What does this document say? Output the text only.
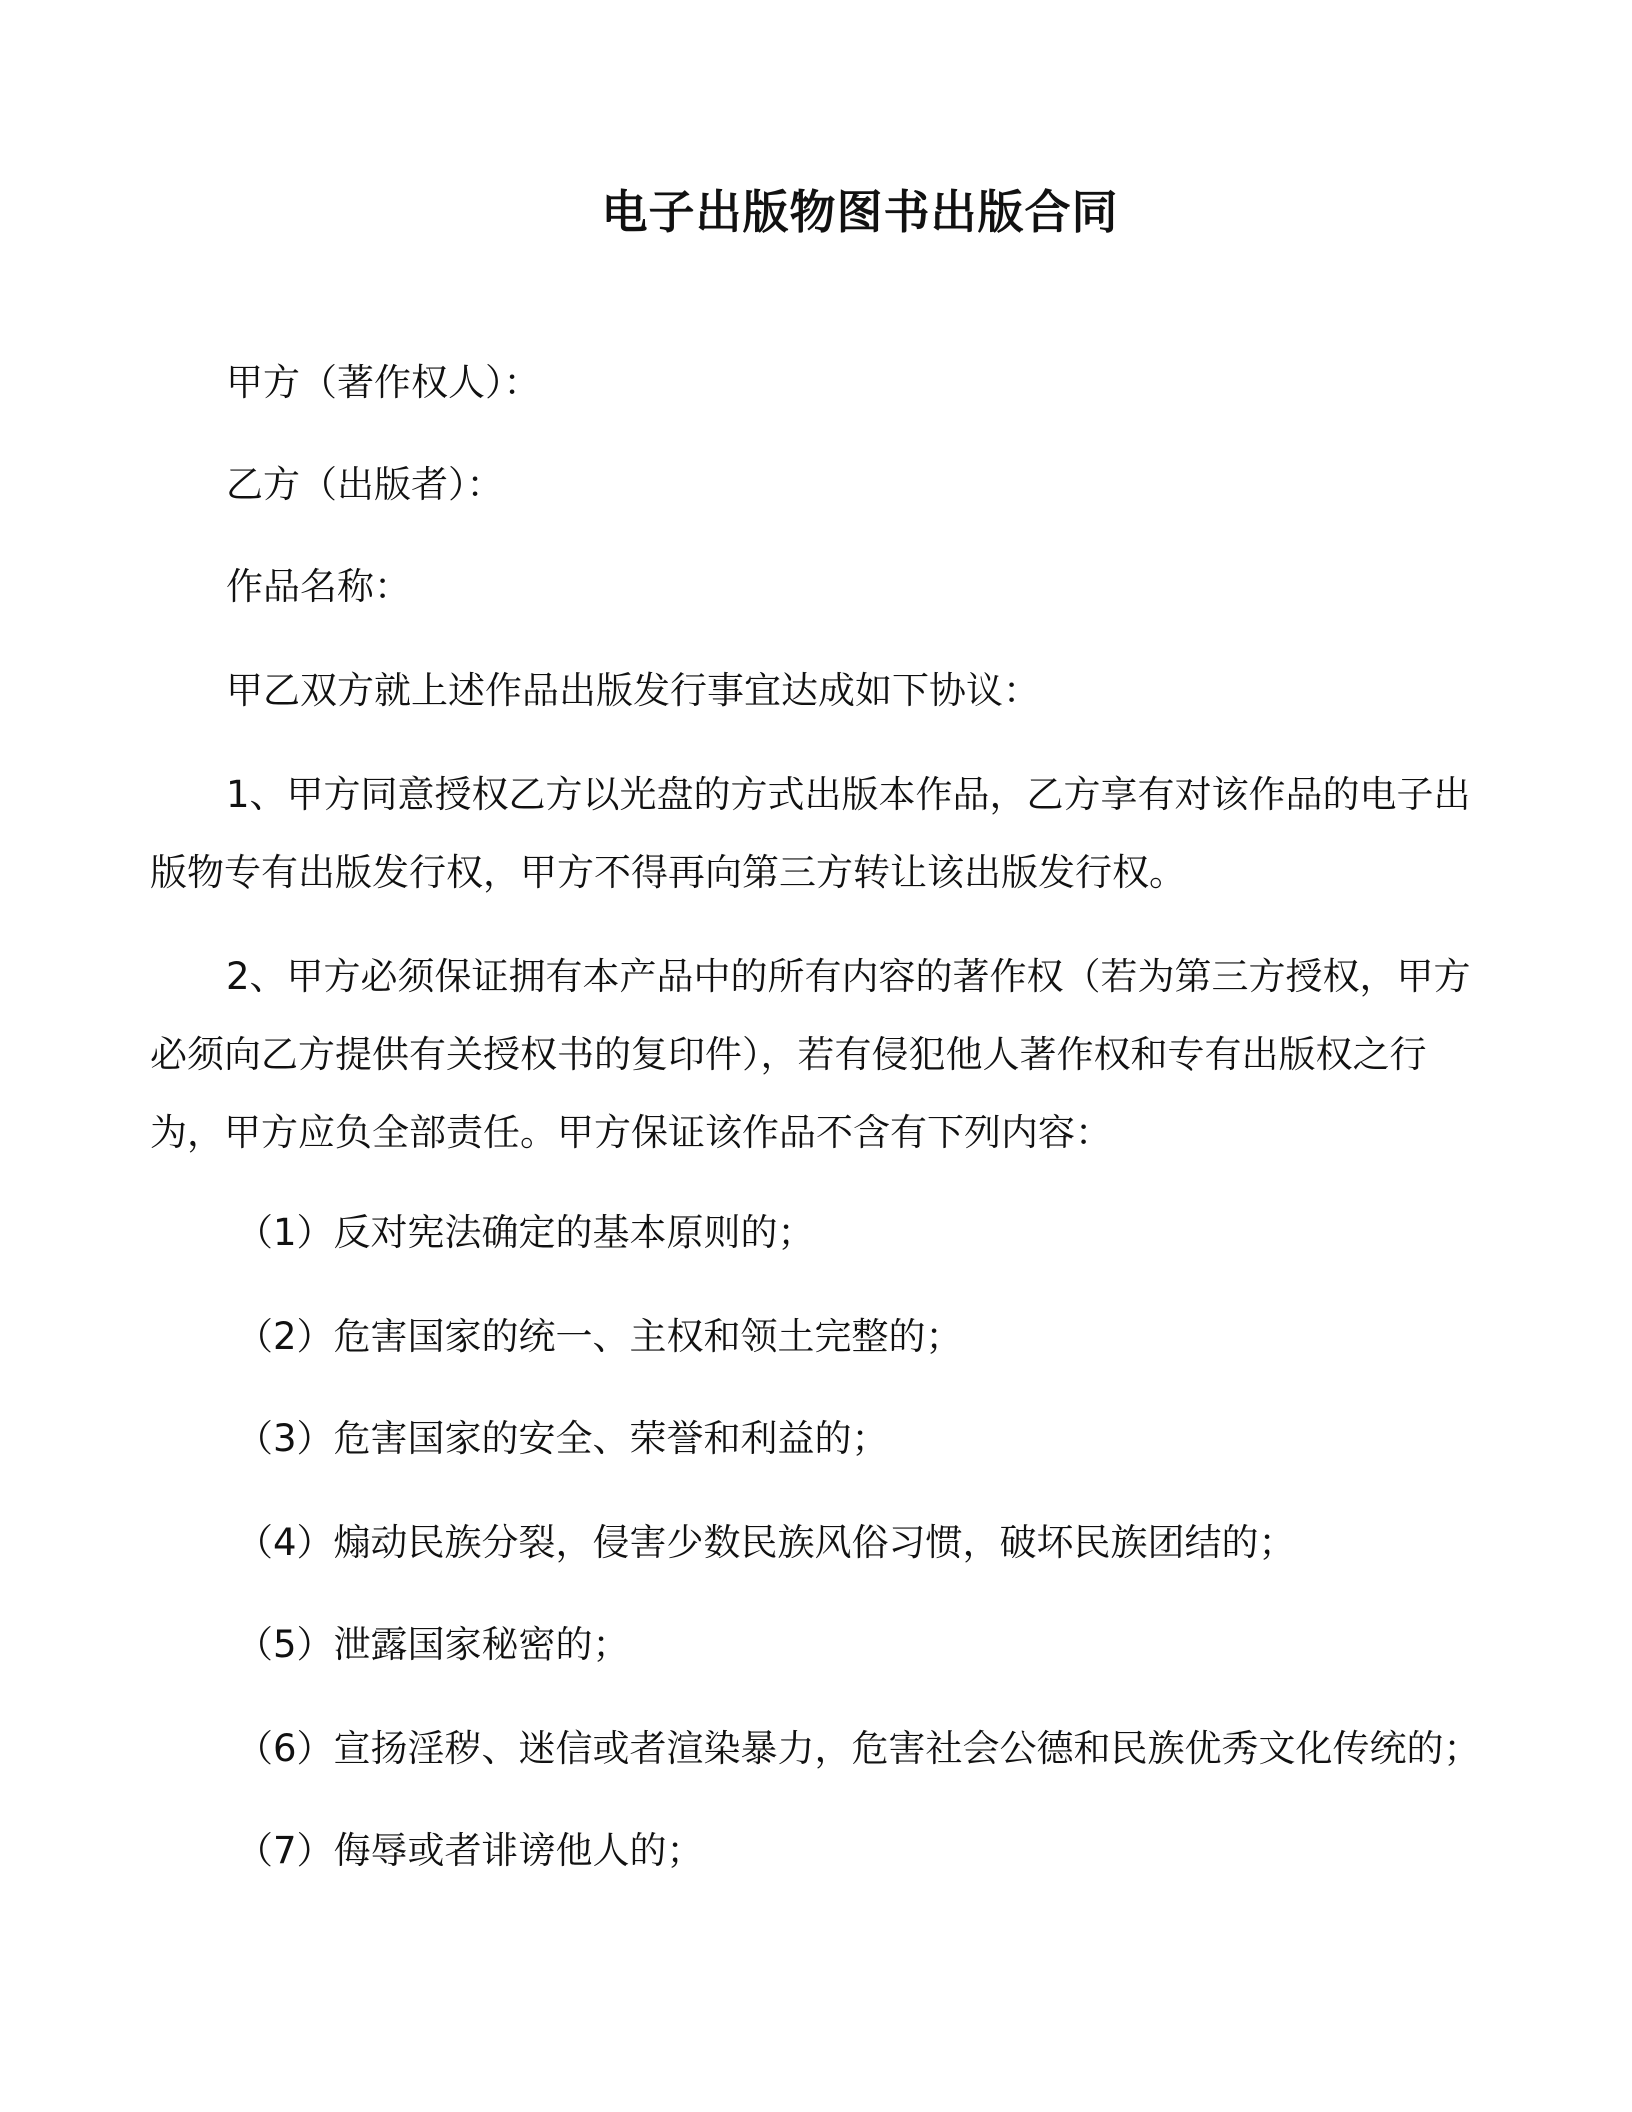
电子出版物图书出版合同
甲方（著作权人）：
乙方（出版者）：
作品名称：
甲乙双方就上述作品出版发行事宜达成如下协议：
1、甲方同意授权乙方以光盘的方式出版本作品，乙方享有对该作品的电子出
版物专有出版发行权，甲方不得再向第三方转让该出版发行权。
2、甲方必须保证拥有本产品中的所有内容的著作权（若为第三方授权，甲方
必须向乙方提供有关授权书的复印件），若有侵犯他人著作权和专有出版权之行
为，甲方应负全部责任。甲方保证该作品不含有下列内容：
（1）反对宪法确定的基本原则的；
（2）危害国家的统一、主权和领土完整的；
（3）危害国家的安全、荣誉和利益的；
（4）煽动民族分裂，侵害少数民族风俗习惯，破坏民族团结的；
（5）泄露国家秘密的；
（6）宣扬淫秽、迷信或者渲染暴力，危害社会公德和民族优秀文化传统的；
（7）侮辱或者诽谤他人的；
